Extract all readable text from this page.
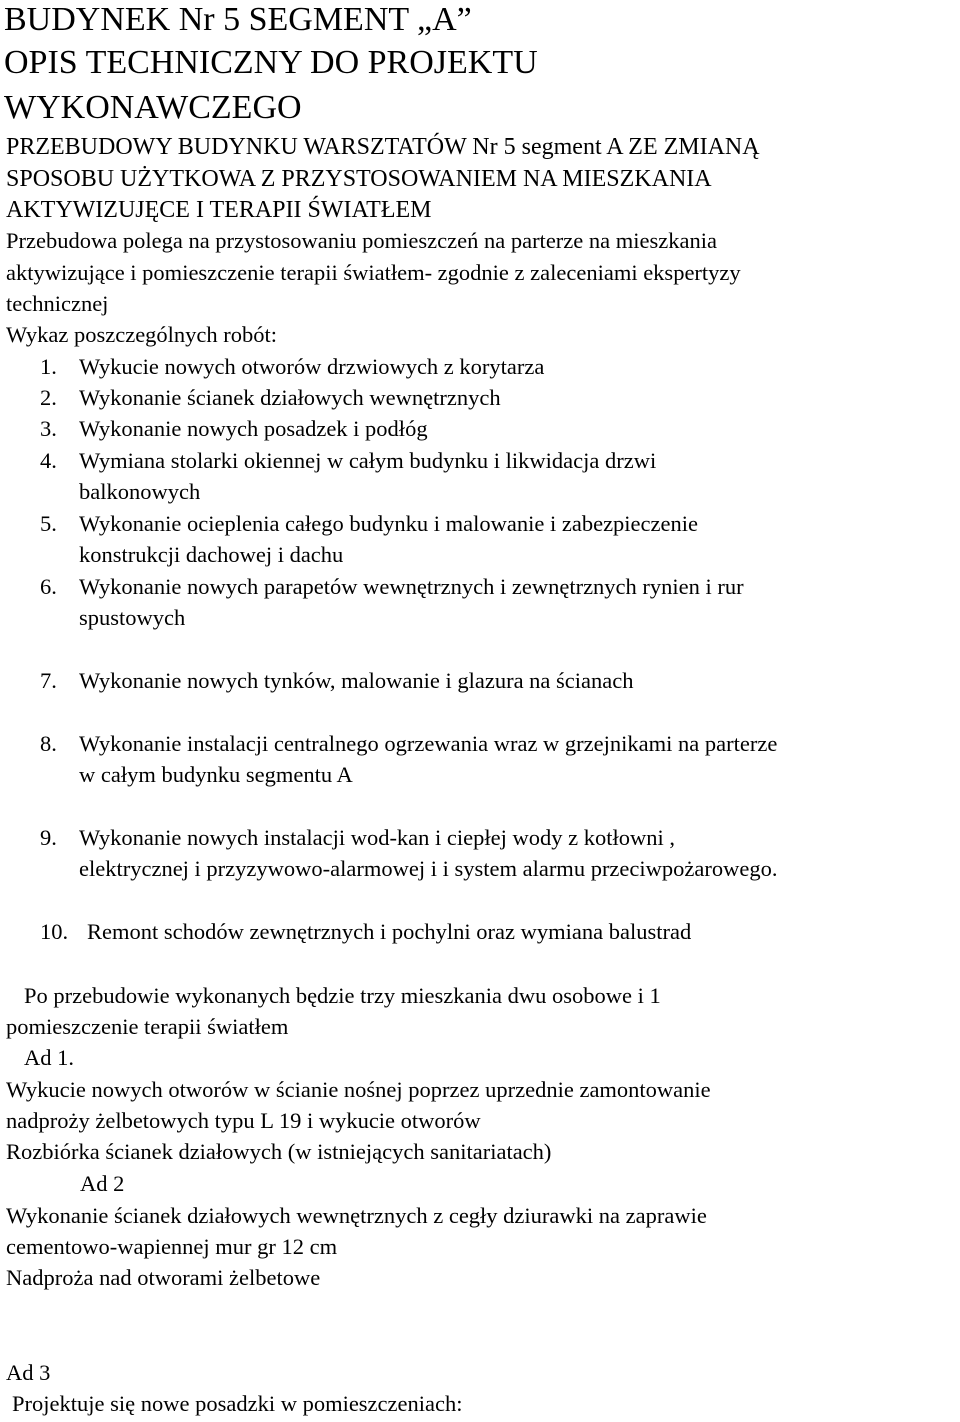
BUDYNEK Nr 5 SEGMENT „A”
OPIS TECHNICZNY DO PROJEKTU
WYKONAWCZEGO
PRZEBUDOWY BUDYNKU WARSZTATÓW Nr 5 segment A ZE ZMIANĄ
SPOSOBU UŻYTKOWA Z PRZYSTOSOWANIEM NA MIESZKANIA
AKTYWIZUJĘCE I TERAPII ŚWIATŁEM
Przebudowa polega na przystosowaniu pomieszczeń na parterze na mieszkania
aktywizujące i pomieszczenie terapii światłem- zgodnie z zaleceniami ekspertyzy
technicznej
Wykaz poszczególnych robót:
1. Wykucie nowych otworów drzwiowych z korytarza
2. Wykonanie ścianek działowych wewnętrznych
3. Wykonanie nowych posadzek i podłóg
4. Wymiana stolarki okiennej w całym budynku i likwidacja drzwi
balkonowych
5. Wykonanie ocieplenia całego budynku i malowanie i zabezpieczenie
konstrukcji dachowej i dachu
6. Wykonanie nowych parapetów wewnętrznych i zewnętrznych rynien i rur
spustowych
7. Wykonanie nowych tynków, malowanie i glazura na ścianach
8. Wykonanie instalacji centralnego ogrzewania wraz w grzejnikami na parterze
w całym budynku segmentu A
9. Wykonanie nowych instalacji wod-kan i ciepłej wody z kotłowni ,
elektrycznej i przyzywowo-alarmowej i i system alarmu przeciwpożarowego.
10. Remont schodów zewnętrznych i pochylni oraz wymiana balustrad
Po przebudowie wykonanych będzie trzy mieszkania dwu osobowe i 1
pomieszczenie terapii światłem
Ad 1.
Wykucie nowych otworów w ścianie nośnej poprzez uprzednie zamontowanie
nadproży żelbetowych typu L 19 i wykucie otworów
Rozbiórka ścianek działowych (w istniejących sanitariatach)
Ad 2
Wykonanie ścianek działowych wewnętrznych z cegły dziurawki na zaprawie
cementowo-wapiennej mur gr 12 cm
Nadproża nad otworami żelbetowe
Ad 3
Projektuje się nowe posadzki w pomieszczeniach:
